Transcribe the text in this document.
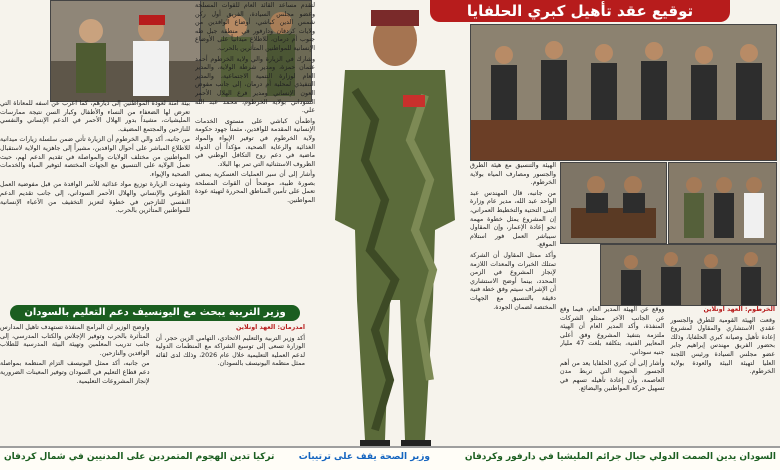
بيئة آمنة لعودة المواطنين إلى ديارهم، كما أعرب عن أسفه للمعاناة التي تعرض لها الضعفاء من النساء والأطفال وكبار السن نتيجة ممارسات المليشيات، مشيداً بدور الهلال الأحمر في الدعم الإنساني والنفسي للنازحين والمجتمع المضيف.

من جانبه، أكد والي الخرطوم أن الزيارة تأتي ضمن سلسلة زيارات ميدانية للاطلاع المباشر على أحوال الوافدين، مشيراً إلى جاهزية الولاية لاستقبال المواطنين من مختلف الولايات والمواصلة في تقديم الدعم لهم، حيث تعمل الولاية على التنسيق مع الجهات المختصة لتوفير المياه والخدمات الصحية والإيواء.

وشهدت الزيارة توزيع مواد غذائية للأسر الوافدة من قبل مفوضية العمل الطوعي والإنساني والهلال الأحمر السوداني، إلى جانب تقديم الدعم النفسي للنازحين في خطوة لتعزيز التخفيف من الأعباء الإنسانية للمواطنين المتأثرين بالحرب.

لتقدم مساعد القائد العام للقوات المسلحة وعضو مجلس السيادة، الفريق أول ركن شمس الدين كباشي، أوضاع الوافدين من ولايات كردفان ودارفور في منطقة جبل طه جنوب أم درمان، للاطلاع ميدانياً على الأوضاع الإنسانية للمواطنين المتأثرين بالحرب.

وشارك في الزيارة والي ولاية الخرطوم أحمد عثمان حمزة، ومدير شرطة الولاية، والمدير العام لوزارة التنمية الاجتماعية، والمدير التنفيذي لمحلية أم درمان، إلى جانب مفوض العون الإنساني ومدير فرع الهلال الأحمر السوداني بولاية الخرطوم، محمد عبد الله علي.

واطمأن كباشي على مستوى الخدمات الإنسانية المقدمة للوافدين، مثمناً جهود حكومة ولاية الخرطوم في توفير الإيواء والمواد الغذائية والرعاية الصحية، مؤكداً أن الدولة ماضية في دعم روح التكافل الوطني في الظروف الاستثنائية التي تمر بها البلاد.

وأشار إلى أن سير العمليات العسكرية يمضي بصورة طيبة، موضحاً أن القوات المسلحة تعمل على تأمين المناطق المحررة لتهيئة عودة المواطنين.

وزير التربية يبحث مع اليونسيف دعم التعليم بالسودان

أمدرمان: العهد اونلاين

أكد وزير التربية والتعليم الاتحادي، التهامي الزين حجر، أن الوزارة تسعى إلى توسيع الشراكة مع المنظمات الدولية لدعم العملية التعليمية خلال عام 2026، وذلك لدى لقائه ممثل منظمة اليونيسف بالسودان.

وأوضح الوزير أن البرامج المنفذة تستهدف تأهيل المدارس المتأثرة بالحرب وتوفير الإجلاس والكتاب المدرسي، إلى جانب تدريب المعلمين وتهيئة البيئة المدرسية للطلاب الوافدين والنازحين.

من جانبه، أكد ممثل اليونيسف التزام المنظمة بمواصلة دعم قطاع التعليم في السودان وتوفير المعينات الضرورية لإنجاز المشروعات التعليمية.

توقيع عقد تأهيل كبري الحلفايا

الهيئة والتنسيق مع هيئة الطرق والجسور ومصارف المياه بولاية الخرطوم.

من جانبه، قال المهندس عبد الواحد عبد الله، مدير عام وزارة البنى التحتية والتخطيط العمراني، إن المشروع يمثل خطوة مهمة نحو إعادة الإعمار، وإن المقاول سيباشر العمل فور استلام الموقع.

وأكد ممثل المقاول أن الشركة تمتلك الخبرات والمعدات اللازمة لإنجاز المشروع في الزمن المحدد، بينما أوضح الاستشاري أن الإشراف سيتم وفق خطة فنية دقيقة بالتنسيق مع الجهات المختصة لضمان الجودة.	الخرطوم: العهد اونلاين

وقعت الهيئة القومية للطرق والجسور عقدي الاستشاري والمقاول لمشروع إعادة تأهيل وصيانة كبري الحلفايا، وذلك بحضور الفريق مهندس إبراهيم جابر عضو مجلس السيادة ورئيس اللجنة العليا لتهيئة البيئة والعودة بولاية الخرطوم.

ووقع عن الهيئة المدير العام، فيما وقع عن الجانب الآخر ممثلو الشركات المنفذة، وأكد المدير العام أن الهيئة ملتزمة بتنفيذ المشروع وفق أعلى المعايير الفنية، بتكلفة بلغت 47 مليار جنيه سوداني.

وأشار إلى أن كبري الحلفايا يعد من أهم الجسور الحيوية التي تربط مدن العاصمة، وأن إعادة تأهيله تسهم في تسهيل حركة المواطنين والبضائع.

السودان يدين الصمت الدولي حيال جرائم المليشيا في دارفور وكردفان
وزير الصحة يقف على ترتيبات
تركيا تدين الهجوم المتمردين على المدنيين في شمال كردفان
